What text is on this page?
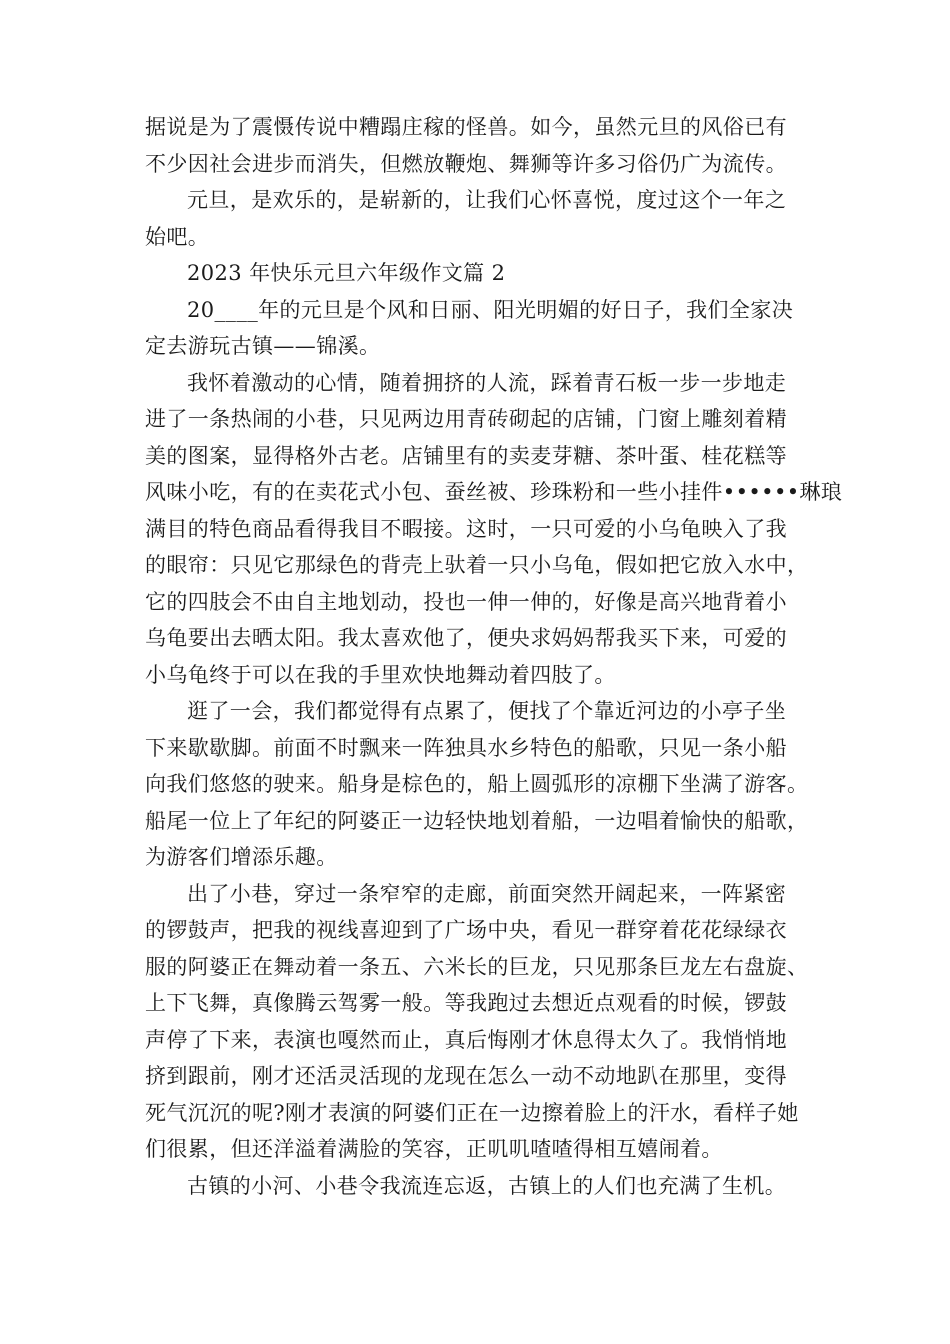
据说是为了震慑传说中糟蹋庄稼的怪兽。如今，虽然元旦的风俗已有
不少因社会进步而消失，但燃放鞭炮、舞狮等许多习俗仍广为流传。
元旦，是欢乐的，是崭新的，让我们心怀喜悦，度过这个一年之
始吧。
2023 年快乐元旦六年级作文篇 2
20____年的元旦是个风和日丽、阳光明媚的好日子，我们全家决
定去游玩古镇——锦溪。
我怀着激动的心情，随着拥挤的人流，踩着青石板一步一步地走
进了一条热闹的小巷，只见两边用青砖砌起的店铺，门窗上雕刻着精
美的图案，显得格外古老。店铺里有的卖麦芽糖、茶叶蛋、桂花糕等
风味小吃，有的在卖花式小包、蚕丝被、珍珠粉和一些小挂件••••••琳琅
满目的特色商品看得我目不暇接。这时，一只可爱的小乌龟映入了我
的眼帘：只见它那绿色的背壳上驮着一只小乌龟，假如把它放入水中，
它的四肢会不由自主地划动，投也一伸一伸的，好像是高兴地背着小
乌龟要出去晒太阳。我太喜欢他了，便央求妈妈帮我买下来，可爱的
小乌龟终于可以在我的手里欢快地舞动着四肢了。
逛了一会，我们都觉得有点累了，便找了个靠近河边的小亭子坐
下来歇歇脚。前面不时飘来一阵独具水乡特色的船歌，只见一条小船
向我们悠悠的驶来。船身是棕色的，船上圆弧形的凉棚下坐满了游客。
船尾一位上了年纪的阿婆正一边轻快地划着船，一边唱着愉快的船歌，
为游客们增添乐趣。
出了小巷，穿过一条窄窄的走廊，前面突然开阔起来，一阵紧密
的锣鼓声，把我的视线喜迎到了广场中央，看见一群穿着花花绿绿衣
服的阿婆正在舞动着一条五、六米长的巨龙，只见那条巨龙左右盘旋、
上下飞舞，真像腾云驾雾一般。等我跑过去想近点观看的时候，锣鼓
声停了下来，表演也嘎然而止，真后悔刚才休息得太久了。我悄悄地
挤到跟前，刚才还活灵活现的龙现在怎么一动不动地趴在那里，变得
死气沉沉的呢?刚才表演的阿婆们正在一边擦着脸上的汗水，看样子她
们很累，但还洋溢着满脸的笑容，正叽叽喳喳得相互嬉闹着。
古镇的小河、小巷令我流连忘返，古镇上的人们也充满了生机。
